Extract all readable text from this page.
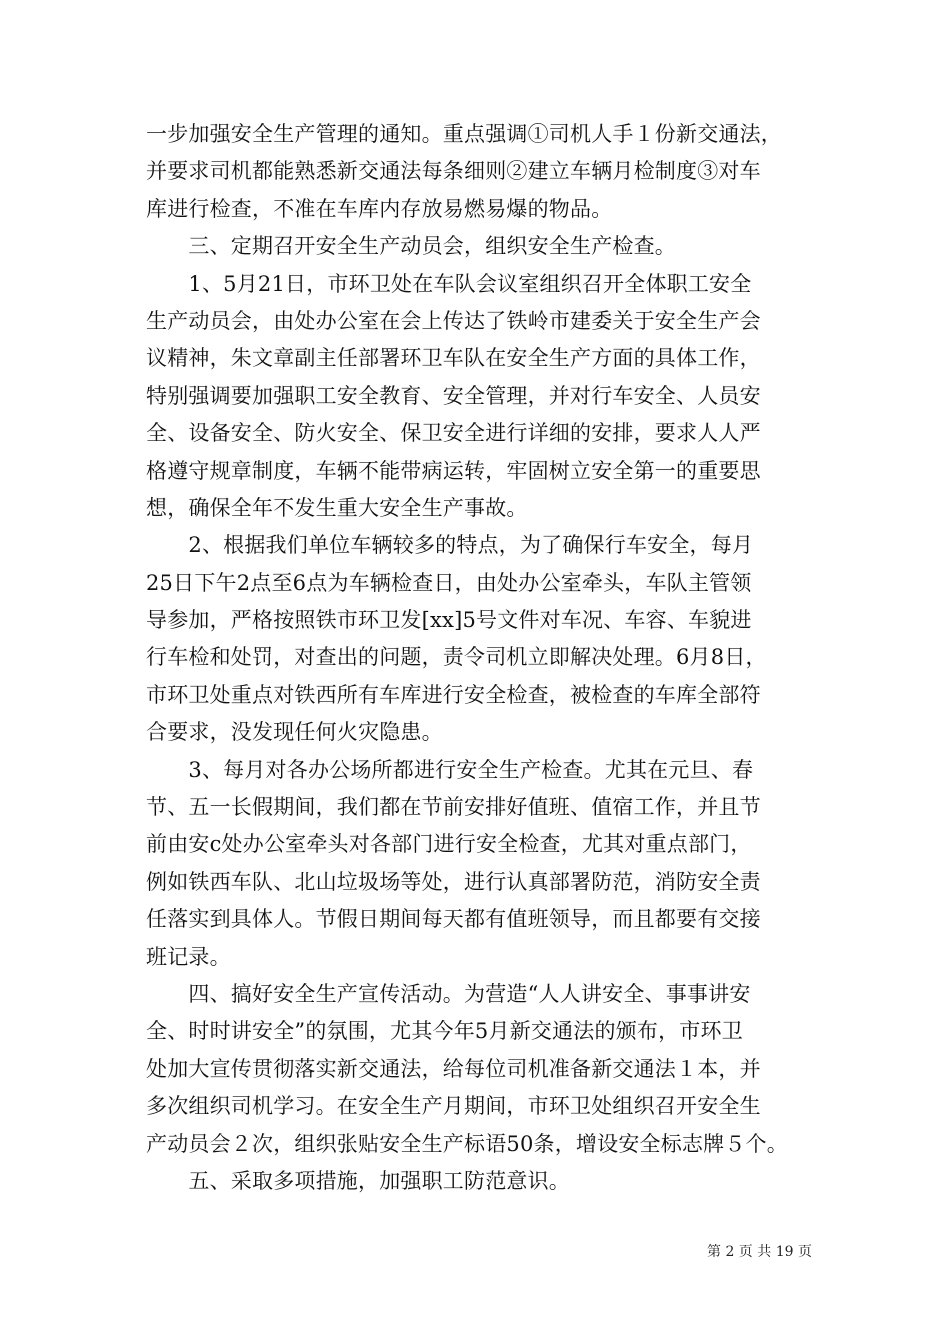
一步加强安全生产管理的通知。重点强调①司机人手１份新交通法，
并要求司机都能熟悉新交通法每条细则②建立车辆月检制度③对车
库进行检查，不准在车库内存放易燃易爆的物品。
　　三、定期召开安全生产动员会，组织安全生产检查。
　　1、5月21日，市环卫处在车队会议室组织召开全体职工安全
生产动员会，由处办公室在会上传达了铁岭市建委关于安全生产会
议精神，朱文章副主任部署环卫车队在安全生产方面的具体工作，
特别强调要加强职工安全教育、安全管理，并对行车安全、人员安
全、设备安全、防火安全、保卫安全进行详细的安排，要求人人严
格遵守规章制度，车辆不能带病运转，牢固树立安全第一的重要思
想，确保全年不发生重大安全生产事故。
　　2、根据我们单位车辆较多的特点，为了确保行车安全，每月
25日下午2点至6点为车辆检查日，由处办公室牵头，车队主管领
导参加，严格按照铁市环卫发[xx]5号文件对车况、车容、车貌进
行车检和处罚，对查出的问题，责令司机立即解决处理。6月8日，
市环卫处重点对铁西所有车库进行安全检查，被检查的车库全部符
合要求，没发现任何火灾隐患。
　　3、每月对各办公场所都进行安全生产检查。尤其在元旦、春
节、五一长假期间，我们都在节前安排好值班、值宿工作，并且节
前由安c处办公室牵头对各部门进行安全检查，尤其对重点部门，
例如铁西车队、北山垃圾场等处，进行认真部署防范，消防安全责
任落实到具体人。节假日期间每天都有值班领导，而且都要有交接
班记录。
　　四、搞好安全生产宣传活动。为营造“人人讲安全、事事讲安
全、时时讲安全”的氛围，尤其今年5月新交通法的颁布，市环卫
处加大宣传贯彻落实新交通法，给每位司机准备新交通法１本，并
多次组织司机学习。在安全生产月期间，市环卫处组织召开安全生
产动员会２次，组织张贴安全生产标语50条，增设安全标志牌５个。
　　五、采取多项措施，加强职工防范意识。
第 2 页 共 19 页
